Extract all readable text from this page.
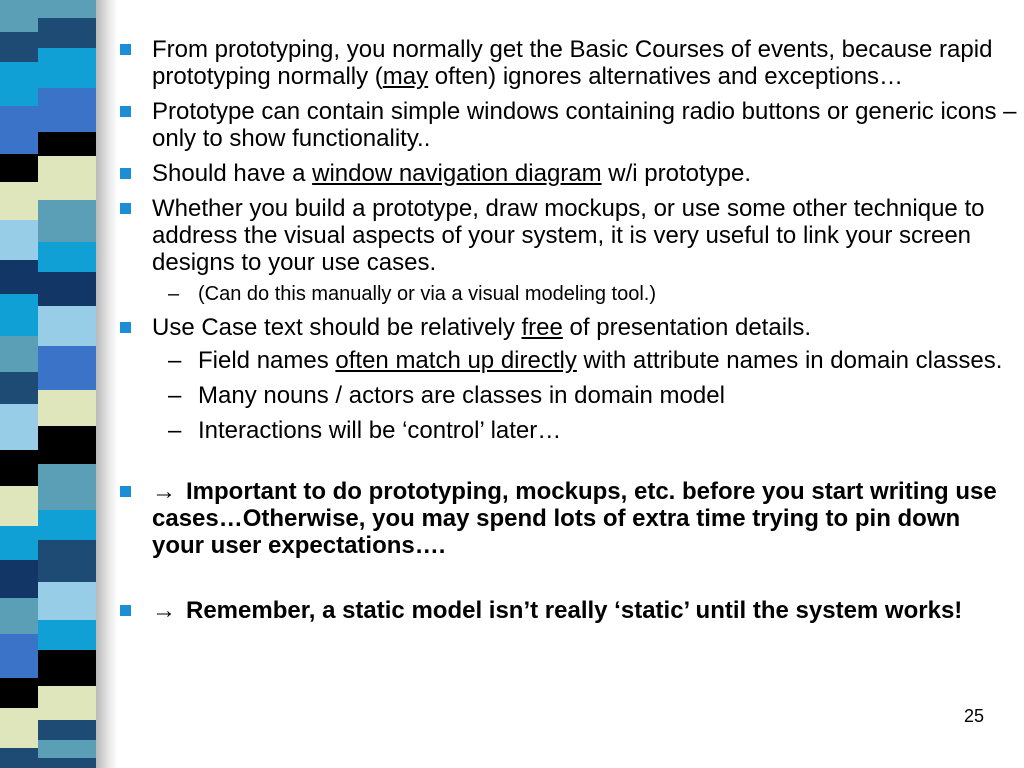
From prototyping, you normally get the Basic Courses of events, because rapid prototyping normally (may often) ignores alternatives and exceptions…
Prototype can contain simple windows containing radio buttons or generic icons – only to show functionality..
Should have a window navigation diagram w/i prototype.
Whether you build a prototype, draw mockups, or use some other technique to address the visual aspects of your system, it is very useful to link your screen designs to your use cases.
– (Can do this manually or via a visual modeling tool.)
Use Case text should be relatively free of presentation details.
– Field names often match up directly with attribute names in domain classes.
– Many nouns / actors are classes in domain model
– Interactions will be ‘control’ later…
→ Important to do prototyping, mockups, etc. before you start writing use cases…Otherwise, you may spend lots of extra time trying to pin down your user expectations….
→ Remember, a static model isn’t really ‘static’ until the system works!
25
